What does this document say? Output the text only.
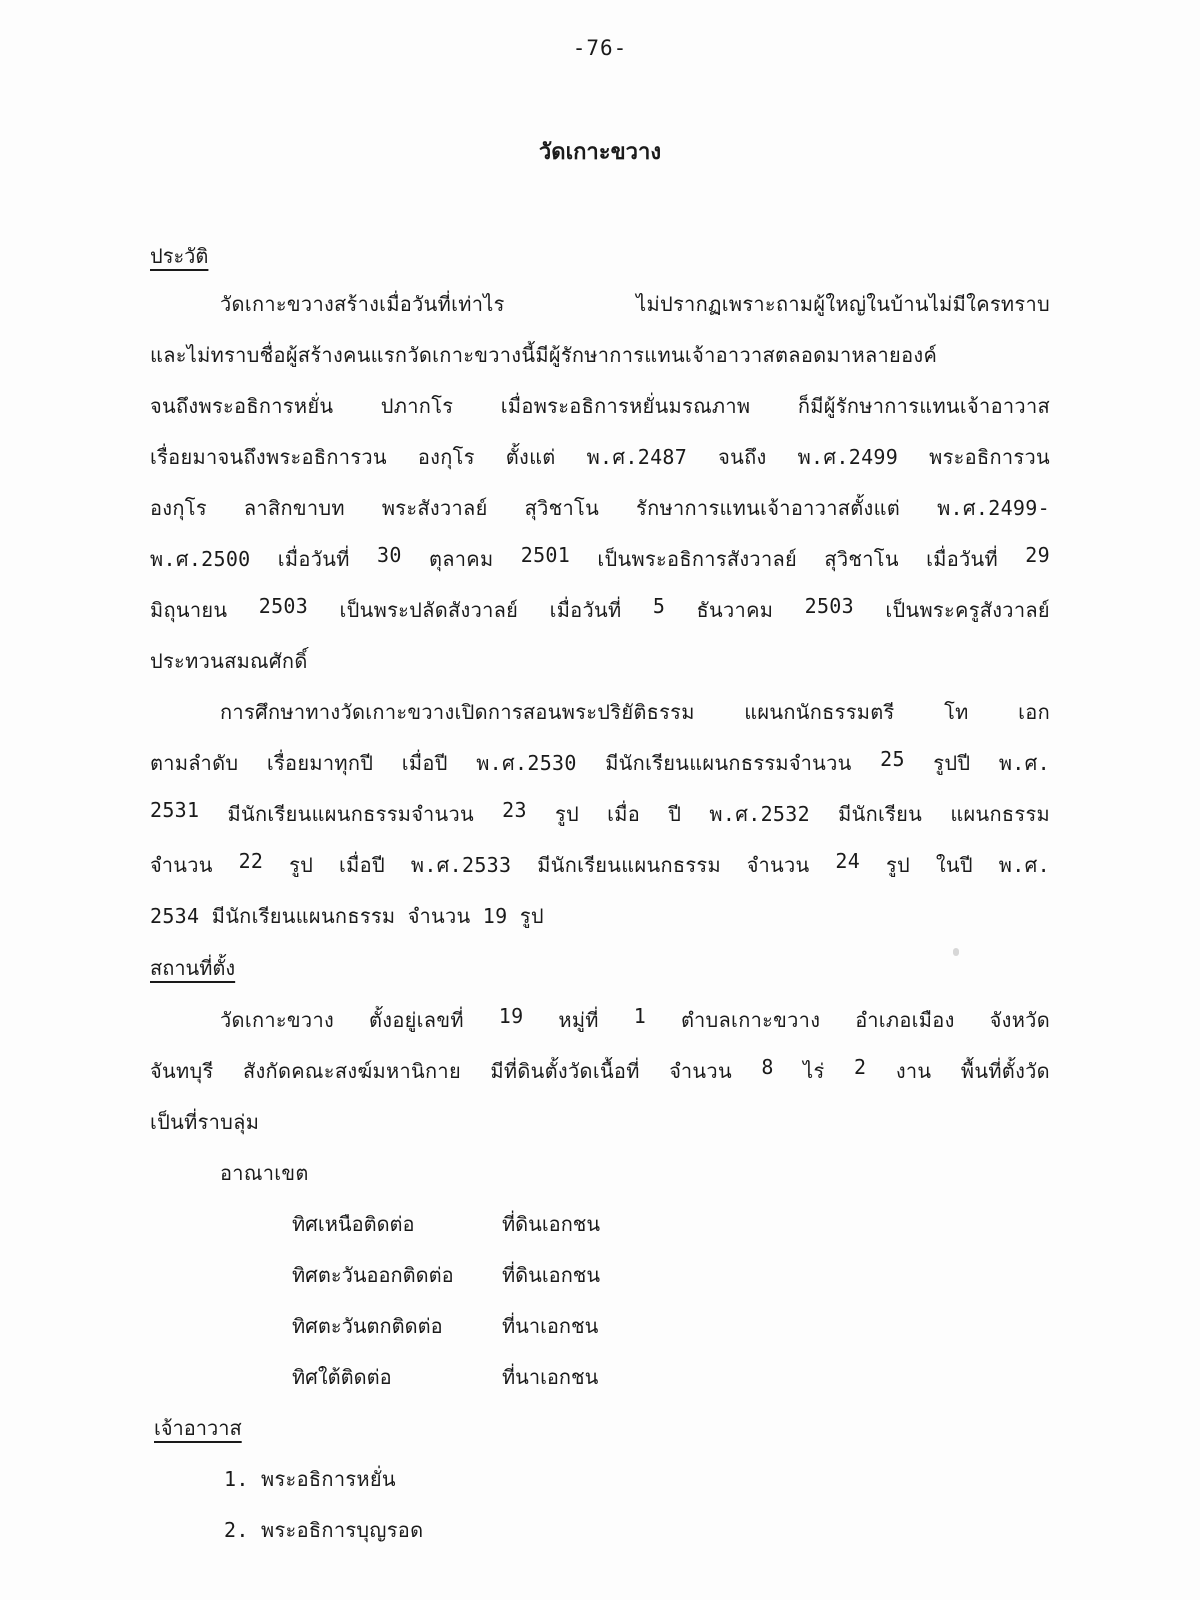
-76-
วัดเกาะขวาง
ประวัติ
วัดเกาะขวางสร้างเมื่อวันที่เท่าไร	ไม่ปรากฏเพราะถามผู้ใหญ่ในบ้านไม่มีใครทราบ
และไม่ทราบชื่อผู้สร้างคนแรกวัดเกาะขวางนี้มีผู้รักษาการแทนเจ้าอาวาสตลอดมาหลายองค์
จนถึงพระอธิการหยั่น ปภากโร เมื่อพระอธิการหยั่นมรณภาพ ก็มีผู้รักษาการแทนเจ้าอาวาส
เรื่อยมาจนถึงพระอธิการวน องกุโร ตั้งแต่ พ.ศ.2487 จนถึง พ.ศ.2499 พระอธิการวน
องกุโร ลาสิกขาบท พระสังวาลย์ สุวิชาโน รักษาการแทนเจ้าอาวาสตั้งแต่ พ.ศ.2499-
พ.ศ.2500 เมื่อวันที่ 30 ตุลาคม 2501 เป็นพระอธิการสังวาลย์ สุวิชาโน เมื่อวันที่ 29
มิถุนายน 2503 เป็นพระปลัดสังวาลย์ เมื่อวันที่ 5 ธันวาคม 2503 เป็นพระครูสังวาลย์
ประทวนสมณศักดิ์
การศึกษาทางวัดเกาะขวางเปิดการสอนพระปริยัติธรรม แผนกนักธรรมตรี โท เอก
ตามลำดับ เรื่อยมาทุกปี เมื่อปี พ.ศ.2530 มีนักเรียนแผนกธรรมจำนวน 25 รูปปี พ.ศ.
2531 มีนักเรียนแผนกธรรมจำนวน 23 รูป เมื่อ ปี พ.ศ.2532 มีนักเรียน แผนกธรรม
จำนวน 22 รูป เมื่อปี พ.ศ.2533 มีนักเรียนแผนกธรรม จำนวน 24 รูป ในปี พ.ศ.
2534 มีนักเรียนแผนกธรรม จำนวน 19 รูป
สถานที่ตั้ง
วัดเกาะขวาง ตั้งอยู่เลขที่ 19 หมู่ที่ 1 ตำบลเกาะขวาง อำเภอเมือง จังหวัด
จันทบุรี สังกัดคณะสงฆ์มหานิกาย มีที่ดินตั้งวัดเนื้อที่ จำนวน 8 ไร่ 2 งาน พื้นที่ตั้งวัด
เป็นที่ราบลุ่ม
อาณาเขต
ทิศเหนือติดต่อ	ที่ดินเอกชน
ทิศตะวันออกติดต่อ ที่ดินเอกชน
ทิศตะวันตกติดต่อ	ที่นาเอกชน
ทิศใต้ติดต่อ	ที่นาเอกชน
เจ้าอาวาส
1. พระอธิการหยั่น
2. พระอธิการบุญรอด
